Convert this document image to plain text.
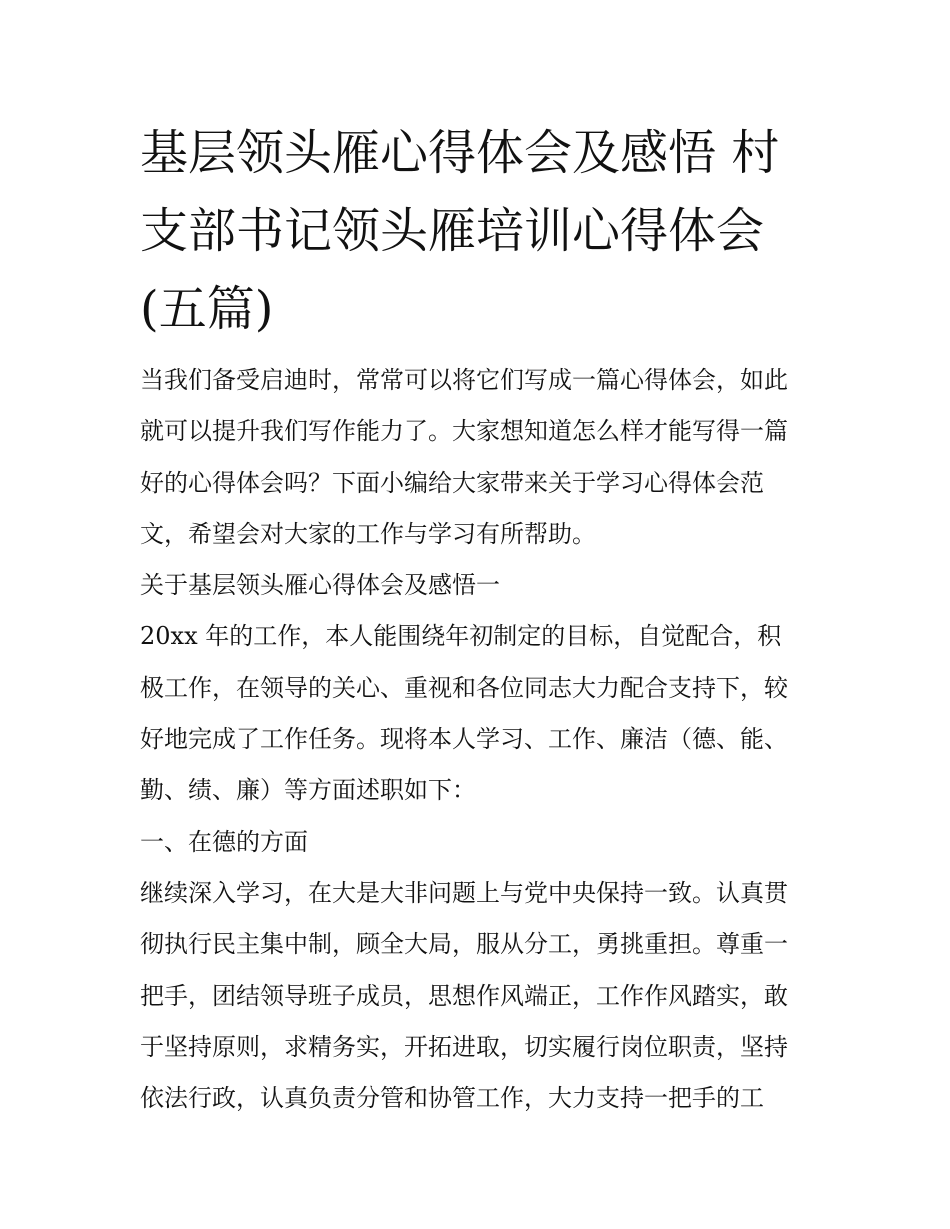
基层领头雁心得体会及感悟 村
支部书记领头雁培训心得体会
(五篇)
当我们备受启迪时，常常可以将它们写成一篇心得体会，如此
就可以提升我们写作能力了。大家想知道怎么样才能写得一篇
好的心得体会吗？下面小编给大家带来关于学习心得体会范
文，希望会对大家的工作与学习有所帮助。
关于基层领头雁心得体会及感悟一
20xx 年的工作，本人能围绕年初制定的目标，自觉配合，积
极工作，在领导的关心、重视和各位同志大力配合支持下，较
好地完成了工作任务。现将本人学习、工作、廉洁（德、能、
勤、绩、廉）等方面述职如下：
一、在德的方面
继续深入学习，在大是大非问题上与党中央保持一致。认真贯
彻执行民主集中制，顾全大局，服从分工，勇挑重担。尊重一
把手，团结领导班子成员，思想作风端正，工作作风踏实，敢
于坚持原则，求精务实，开拓进取，切实履行岗位职责，坚持
依法行政，认真负责分管和协管工作，大力支持一把手的工
